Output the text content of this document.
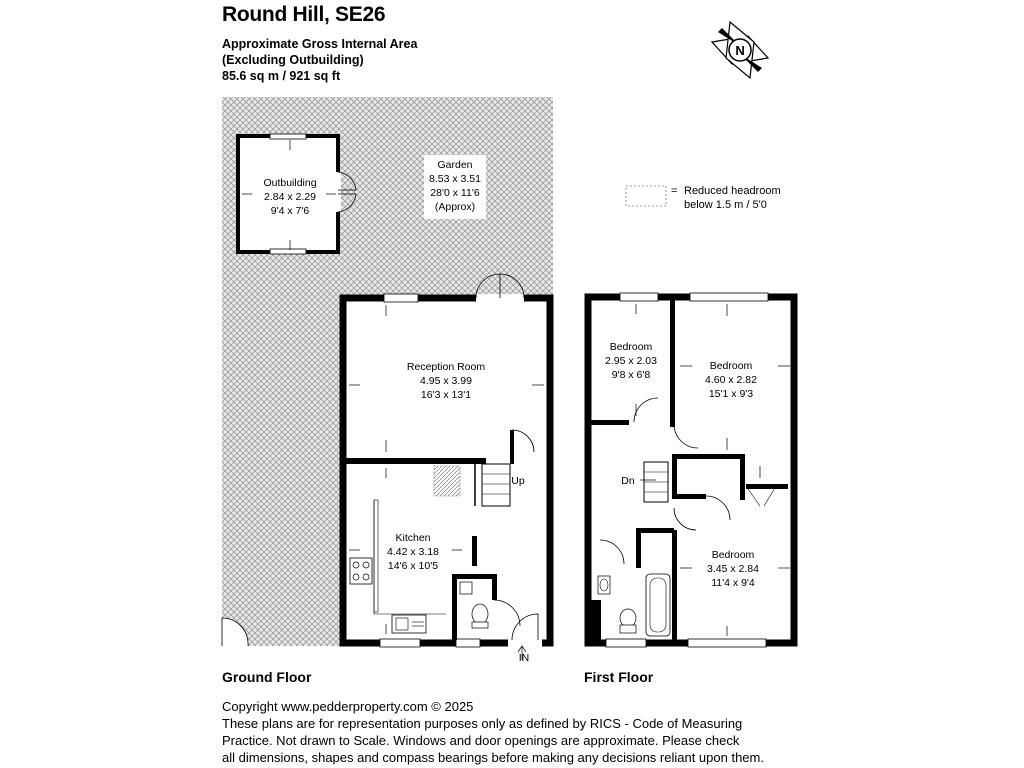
Round Hill, SE26
Approximate Gross Internal Area
(Excluding Outbuilding)
85.6 sq m / 921 sq ft
N
= Reduced headroom
below 1.5 m / 5'0
Outbuilding
2.84 x 2.29
9'4 x 7'6
Garden
8.53 x 3.51
28'0 x 11'6
(Approx)
Up
Reception Room
4.95 x 3.99
16'3 x 13'1
Kitchen
4.42 x 3.18
14'6 x 10'5
IN
Dn
Bedroom
2.95 x 2.03
9'8 x 6'8
Bedroom
4.60 x 2.82
15'1 x 9'3
Bedroom
3.45 x 2.84
11'4 x 9'4
Ground Floor	First Floor
Copyright www.pedderproperty.com © 2025
These plans are for representation purposes only as defined by RICS - Code of Measuring
Practice. Not drawn to Scale. Windows and door openings are approximate. Please check
all dimensions, shapes and compass bearings before making any decisions reliant upon them.
